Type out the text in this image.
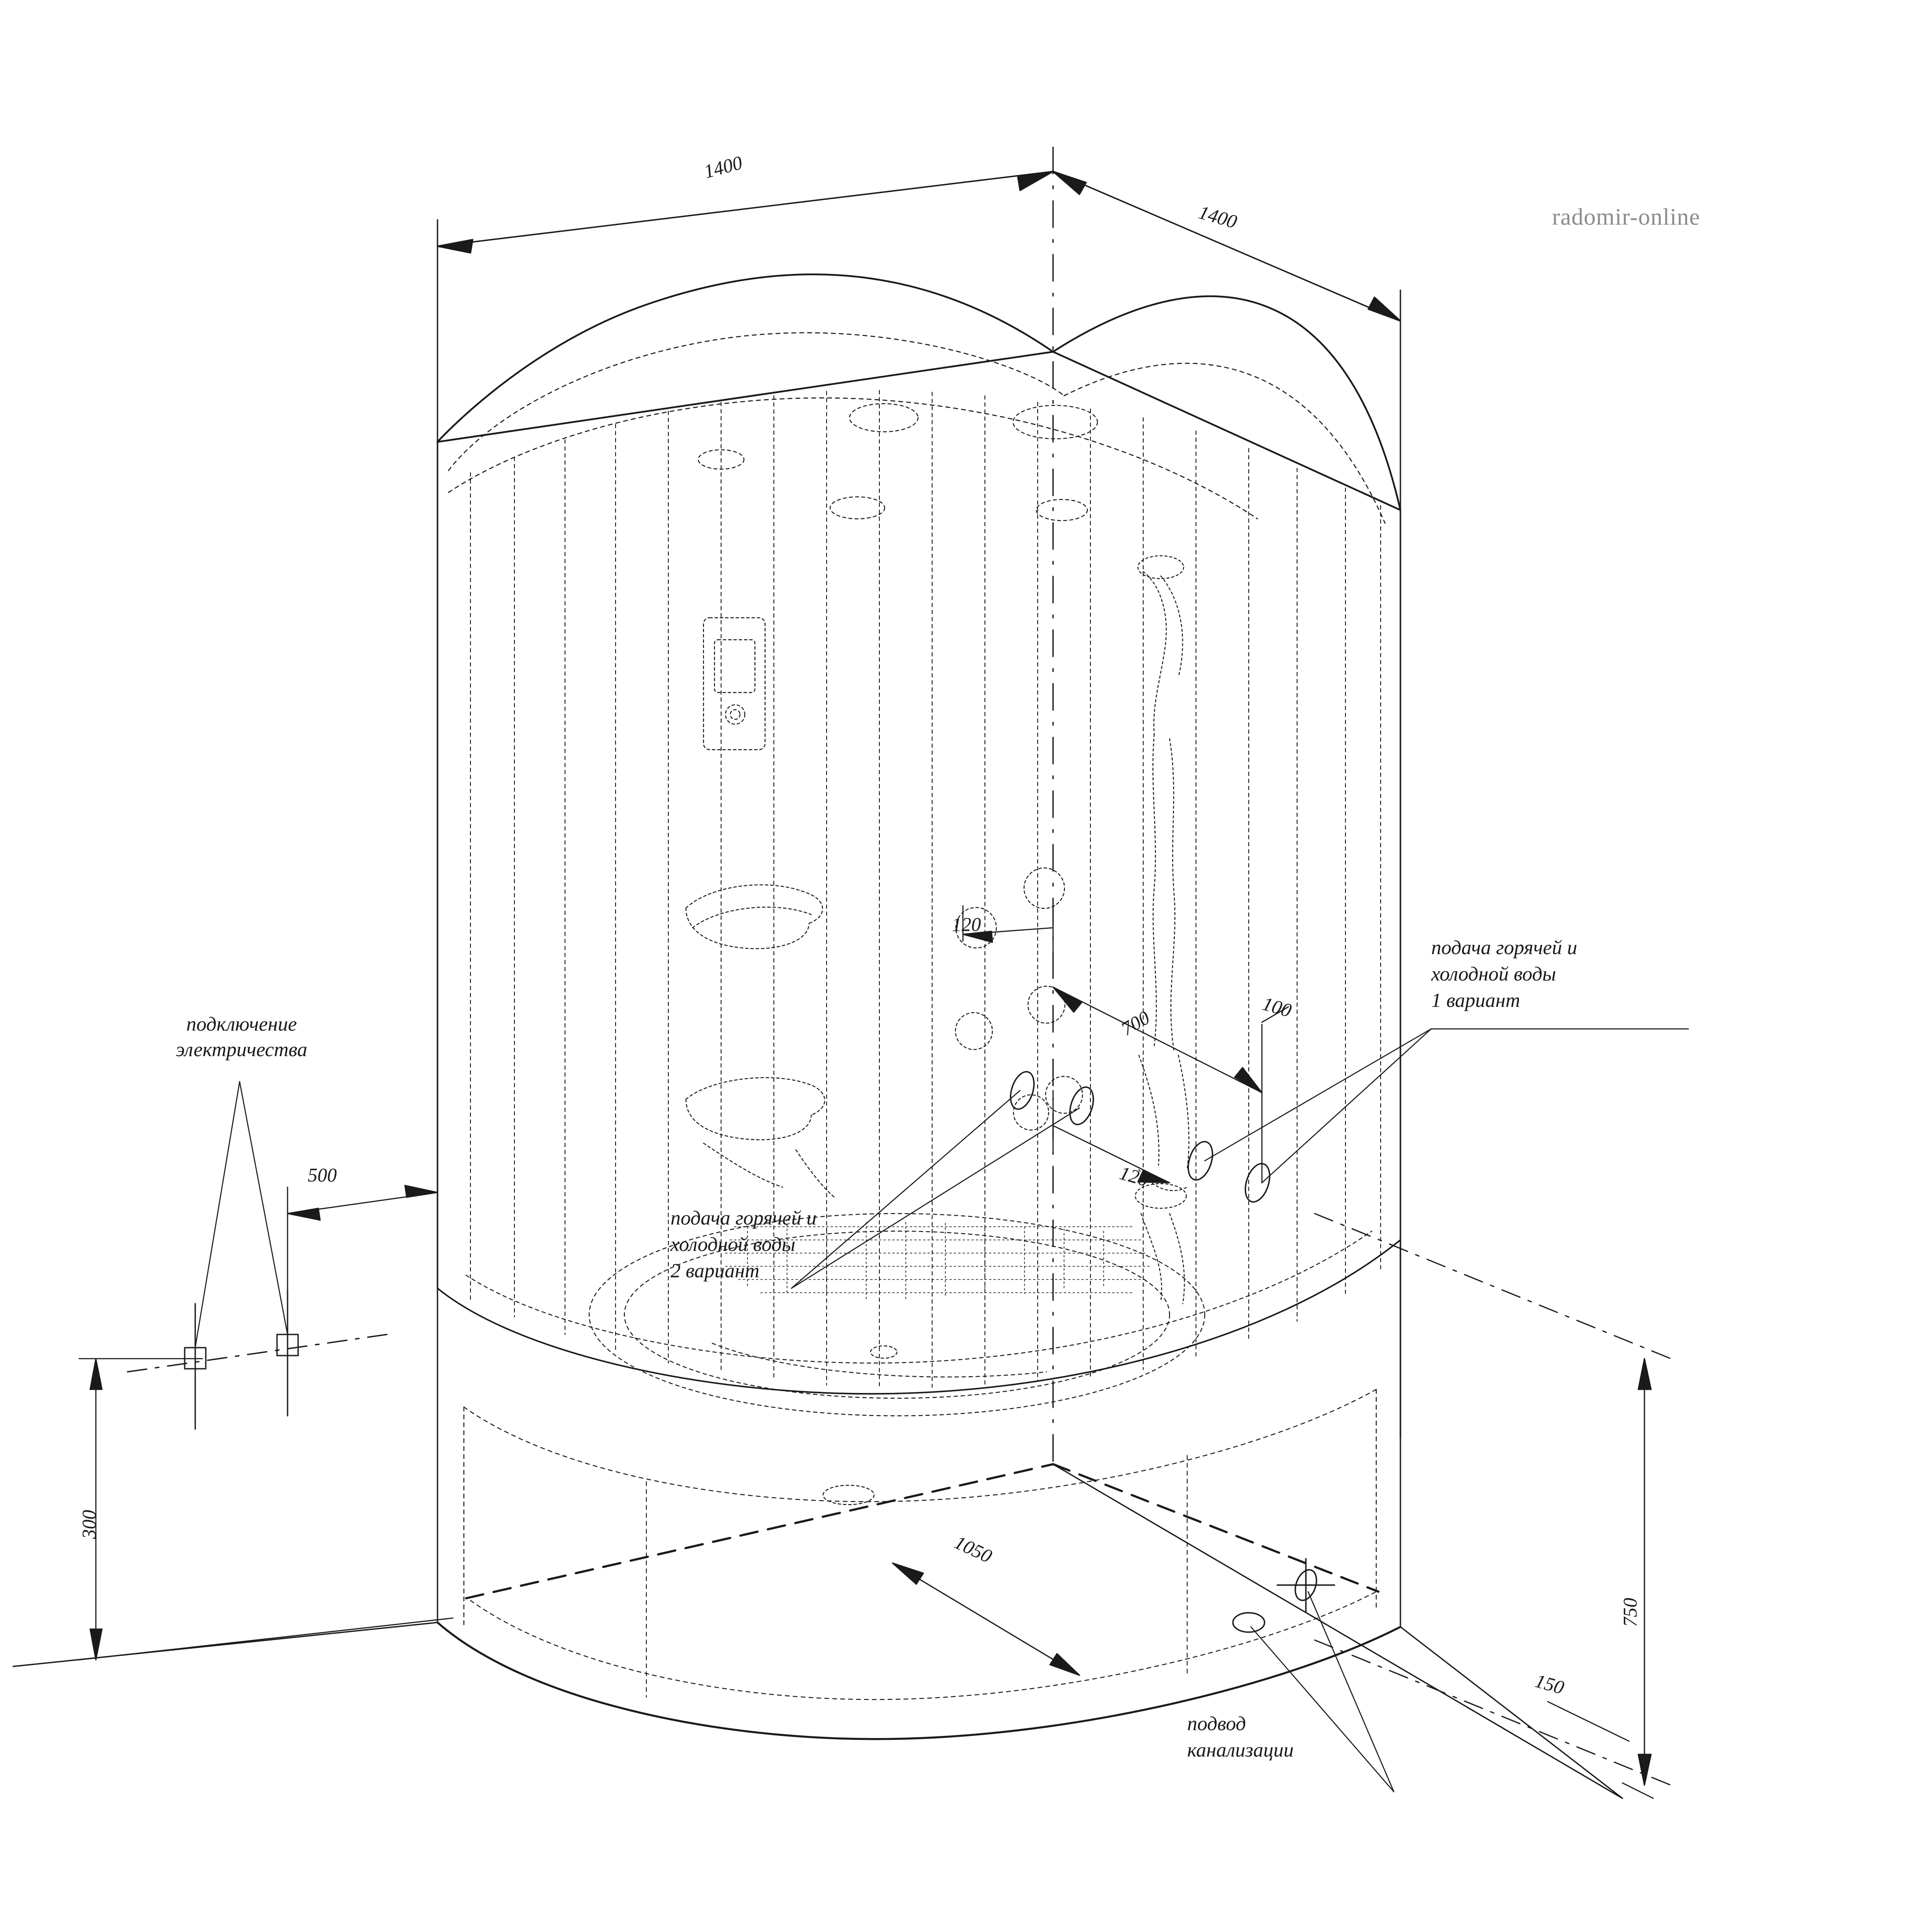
radomir-online
1400
1400
подключение
электричества
500
300
120
700	100
120
подача горячей и
холодной воды
2 вариант
подача горячей и
холодной воды
1 вариант
1050
750
150
подвод
канализации
